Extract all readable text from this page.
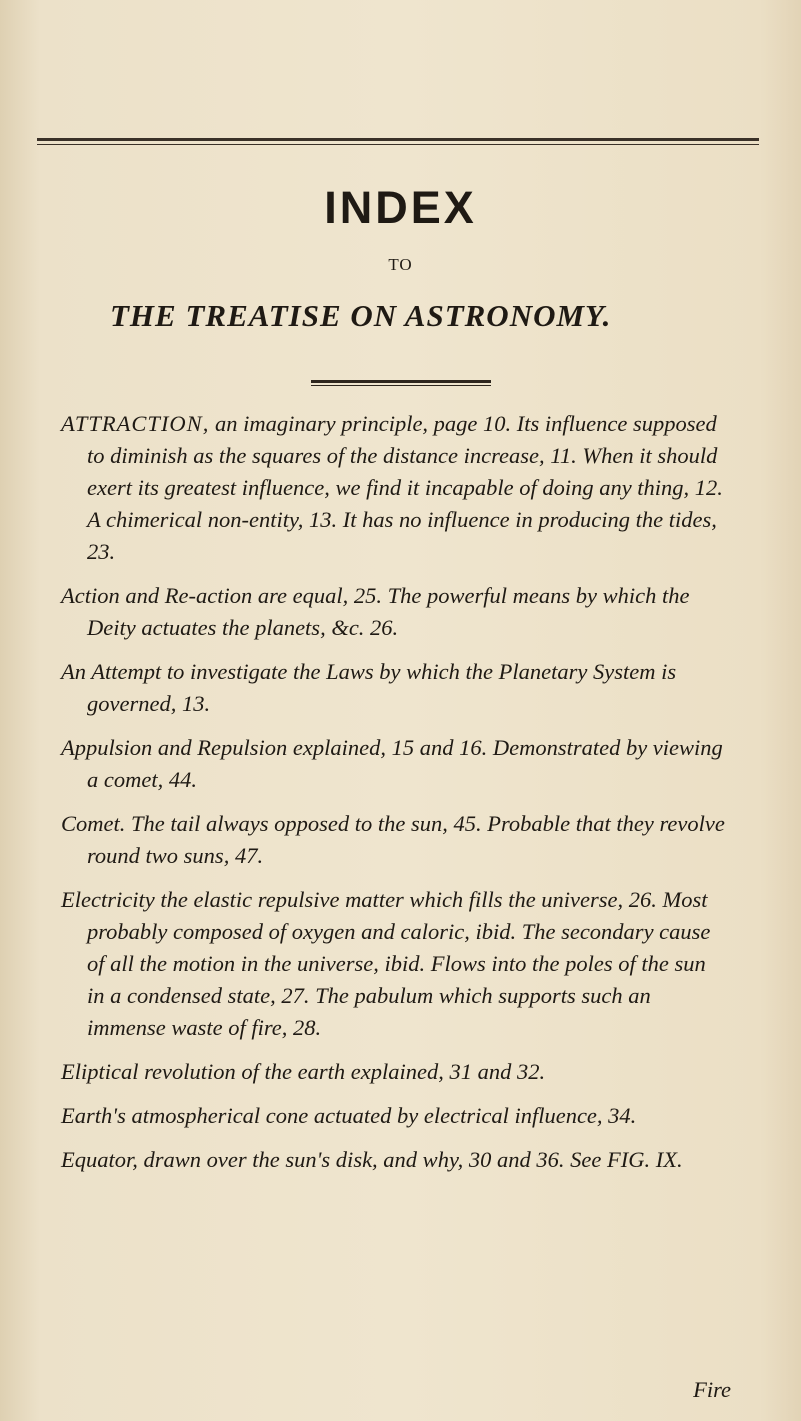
INDEX
TO
THE TREATISE ON ASTRONOMY.

ATTRACTION, an imaginary principle, page 10. Its influence supposed to diminish as the squares of the distance increase, 11. When it should exert its greatest influence, we find it incapable of doing any thing, 12. A chimerical non-entity, 13. It has no influence in producing the tides, 23.

Action and Re-action are equal, 25. The powerful means by which the Deity actuates the planets, &c. 26.

An Attempt to investigate the Laws by which the Planetary System is governed, 13.

Appulsion and Repulsion explained, 15 and 16. Demonstrated by viewing a comet, 44.

Comet. The tail always opposed to the sun, 45. Probable that they revolve round two suns, 47.

Electricity the elastic repulsive matter which fills the universe, 26. Most probably composed of oxygen and caloric, ibid. The secondary cause of all the motion in the universe, ibid. Flows into the poles of the sun in a condensed state, 27. The pabulum which supports such an immense waste of fire, 28.

Eliptical revolution of the earth explained, 31 and 32.

Earth's atmospherical cone actuated by electrical influence, 34.

Equator, drawn over the sun's disk, and why, 30 and 36. See FIG. IX.

Fire
